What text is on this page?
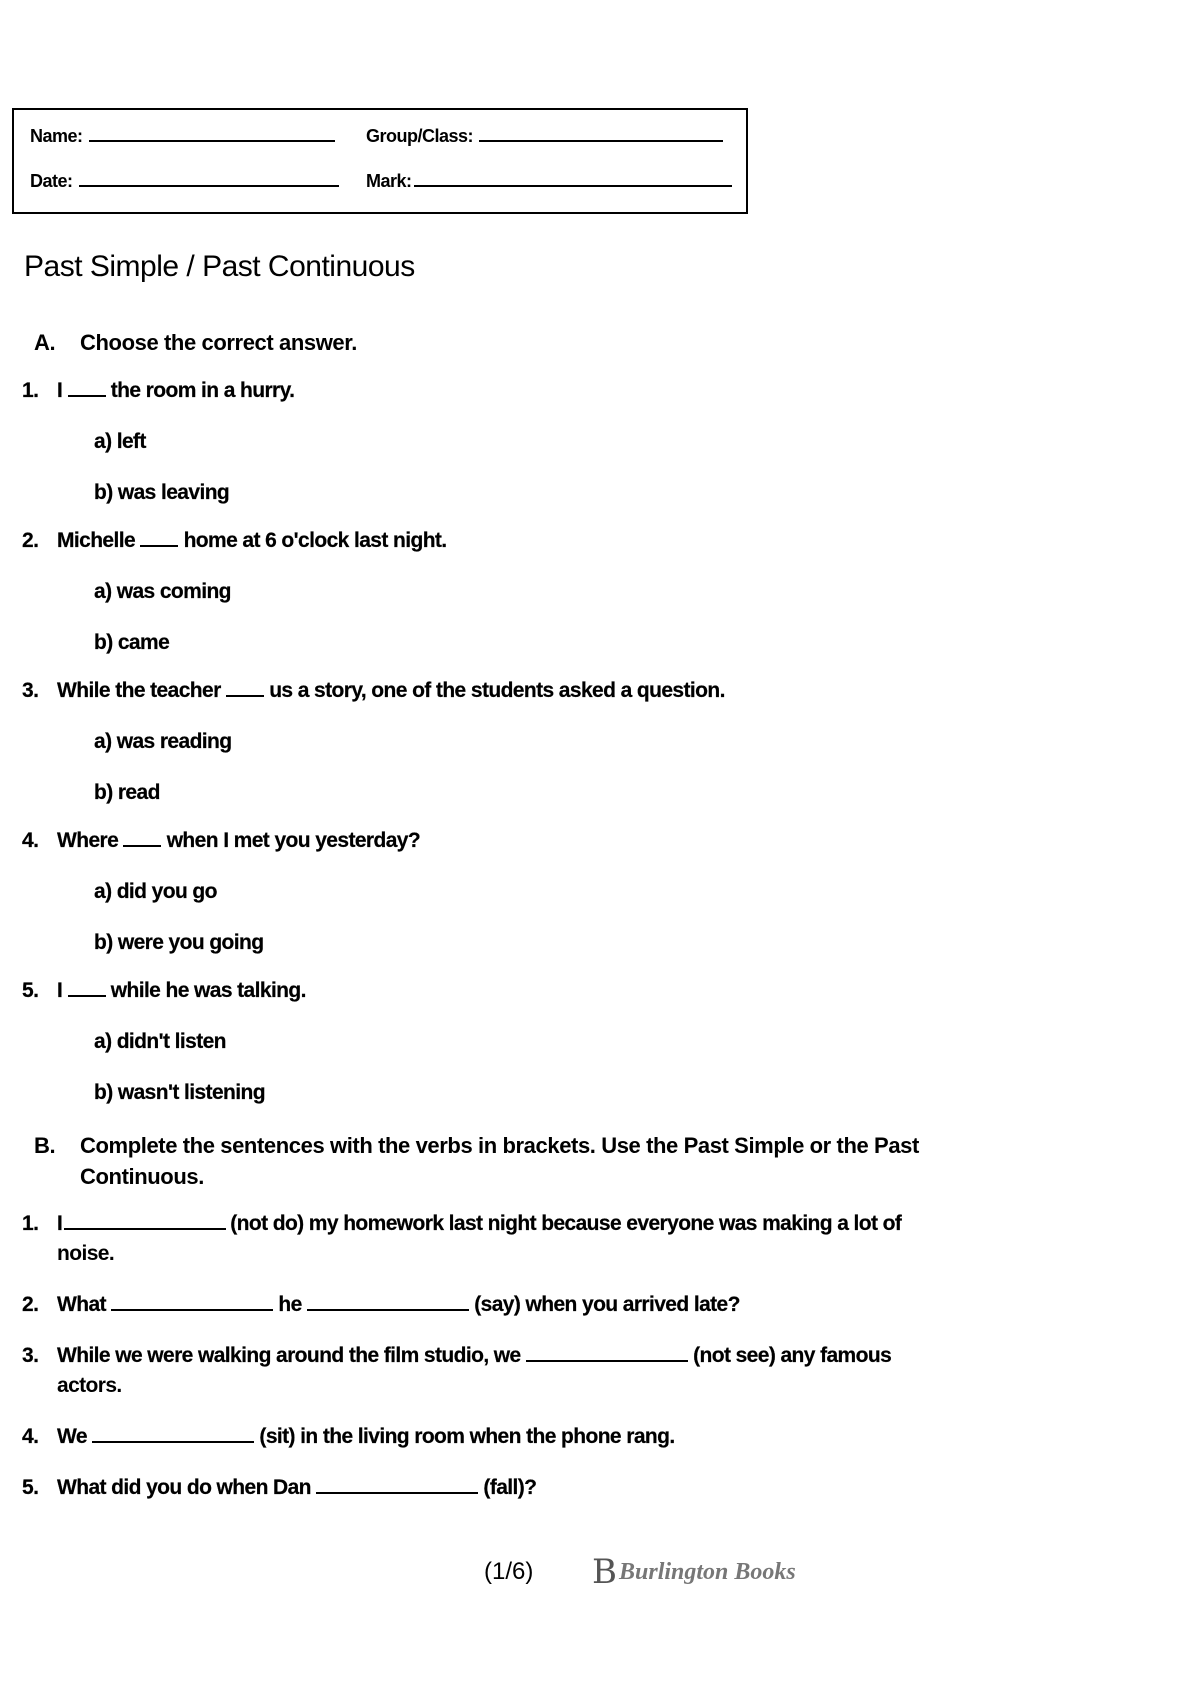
Name:	Group/Class:
Date:	Mark:
Past Simple / Past Continuous
A. Choose the correct answer.
1. I the room in a hurry.
a) left
b) was leaving
2. Michelle home at 6 o'clock last night.
a) was coming
b) came
3. While the teacher us a story, one of the students asked a question.
a) was reading
b) read
4. Where when I met you yesterday?
a) did you go
b) were you going
5. I while he was talking.
a) didn't listen
b) wasn't listening
B. Complete the sentences with the verbs in brackets. Use the Past Simple or the Past
Continuous.
1. I	(not do) my homework last night because everyone was making a lot of
noise.
2. What	he	(say) when you arrived late?
3. While we were walking around the film studio, we	(not see) any famous
actors.
4. We	(sit) in the living room when the phone rang.
5. What did you do when Dan	(fall)?
(1/6) B Burlington Books
